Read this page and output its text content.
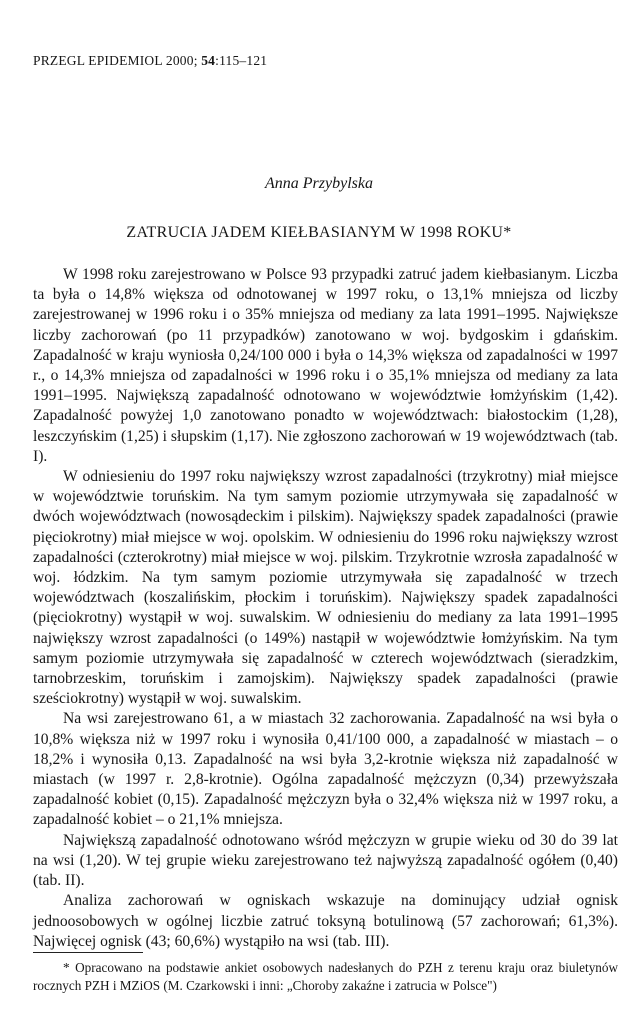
PRZEGL EPIDEMIOL 2000; 54:115–121
Anna Przybylska
ZATRUCIA JADEM KIEŁBASIANYM W 1998 ROKU*

W 1998 roku zarejestrowano w Polsce 93 przypadki zatruć jadem kiełbasianym. Liczba ta była o 14,8% większa od odnotowanej w 1997 roku, o 13,1% mniejsza od liczby zarejestrowanej w 1996 roku i o 35% mniejsza od mediany za lata 1991–1995. Największe liczby zachorowań (po 11 przypadków) zanotowano w woj. bydgoskim i gdańskim. Zapadalność w kraju wyniosła 0,24/100 000 i była o 14,3% większa od zapadalności w 1997 r., o 14,3% mniejsza od zapadalności w 1996 roku i o 35,1% mniejsza od mediany za lata 1991–1995. Największą zapadalność odnotowano w województwie łomżyńskim (1,42). Zapadalność powyżej 1,0 zanotowano ponadto w województwach: białostockim (1,28), leszczyńskim (1,25) i słupskim (1,17). Nie zgłoszono zachorowań w 19 województwach (tab. I).

W odniesieniu do 1997 roku największy wzrost zapadalności (trzykrotny) miał miejsce w województwie toruńskim. Na tym samym poziomie utrzymywała się zapadalność w dwóch województwach (nowosądeckim i pilskim). Największy spadek zapadalności (prawie pięciokrotny) miał miejsce w woj. opolskim. W odniesieniu do 1996 roku największy wzrost zapadalności (czterokrotny) miał miejsce w woj. pilskim. Trzykrotnie wzrosła zapadalność w woj. łódzkim. Na tym samym poziomie utrzymywała się zapadalność w trzech województwach (koszalińskim, płockim i toruńskim). Największy spadek zapadalności (pięciokrotny) wystąpił w woj. suwalskim. W odniesieniu do mediany za lata 1991–1995 największy wzrost zapadalności (o 149%) nastąpił w województwie łomżyńskim. Na tym samym poziomie utrzymywała się zapadalność w czterech województwach (sieradzkim, tarnobrzeskim, toruńskim i zamojskim). Największy spadek zapadalności (prawie sześciokrotny) wystąpił w woj. suwalskim.

Na wsi zarejestrowano 61, a w miastach 32 zachorowania. Zapadalność na wsi była o 10,8% większa niż w 1997 roku i wynosiła 0,41/100 000, a zapadalność w miastach – o 18,2% i wynosiła 0,13. Zapadalność na wsi była 3,2-krotnie większa niż zapadalność w miastach (w 1997 r. 2,8-krotnie). Ogólna zapadalność mężczyzn (0,34) przewyższała zapadalność kobiet (0,15). Zapadalność mężczyzn była o 32,4% większa niż w 1997 roku, a zapadalność kobiet – o 21,1% mniejsza.

Największą zapadalność odnotowano wśród mężczyzn w grupie wieku od 30 do 39 lat na wsi (1,20). W tej grupie wieku zarejestrowano też najwyższą zapadalność ogółem (0,40) (tab. II).

Analiza zachorowań w ogniskach wskazuje na dominujący udział ognisk jednoosobowych w ogólnej liczbie zatruć toksyną botulinową (57 zachorowań; 61,3%). Najwięcej ognisk (43; 60,6%) wystąpiło na wsi (tab. III).

* Opracowano na podstawie ankiet osobowych nadesłanych do PZH z terenu kraju oraz biuletynów rocznych PZH i MZiOS (M. Czarkowski i inni: „Choroby zakaźne i zatrucia w Polsce")
